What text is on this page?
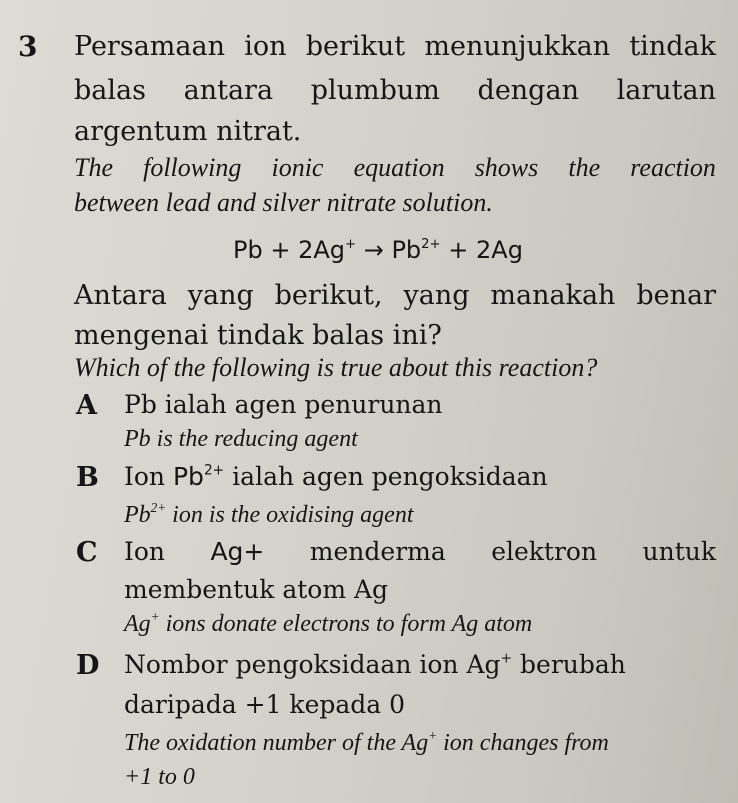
3 Persamaan ion berikut menunjukkan tindak
balas antara plumbum dengan larutan
argentum nitrat.
The following ionic equation shows the reaction
between lead and silver nitrate solution.
$Pb + 2Ag^+ \to Pb^{2+} + 2Ag$
Antara yang berikut, yang manakah benar
mengenai tindak balas ini?
Which of the following is true about this reaction?
A Pb ialah agen penurunan
Pb is the reducing agent
B Ion $Pb^{2+}$ ialah agen pengoksidaan
$Pb^{2+}$ ion is the oxidising agent
C Ion Ag+ menderma elektron untuk
membentuk atom Ag
Ag+ ions donate electrons to form Ag atom
D Nombor pengoksidaan ion Ag+ berubah
daripada +1 kepada 0
The oxidation number of the Ag+ ion changes from
+1 to 0
